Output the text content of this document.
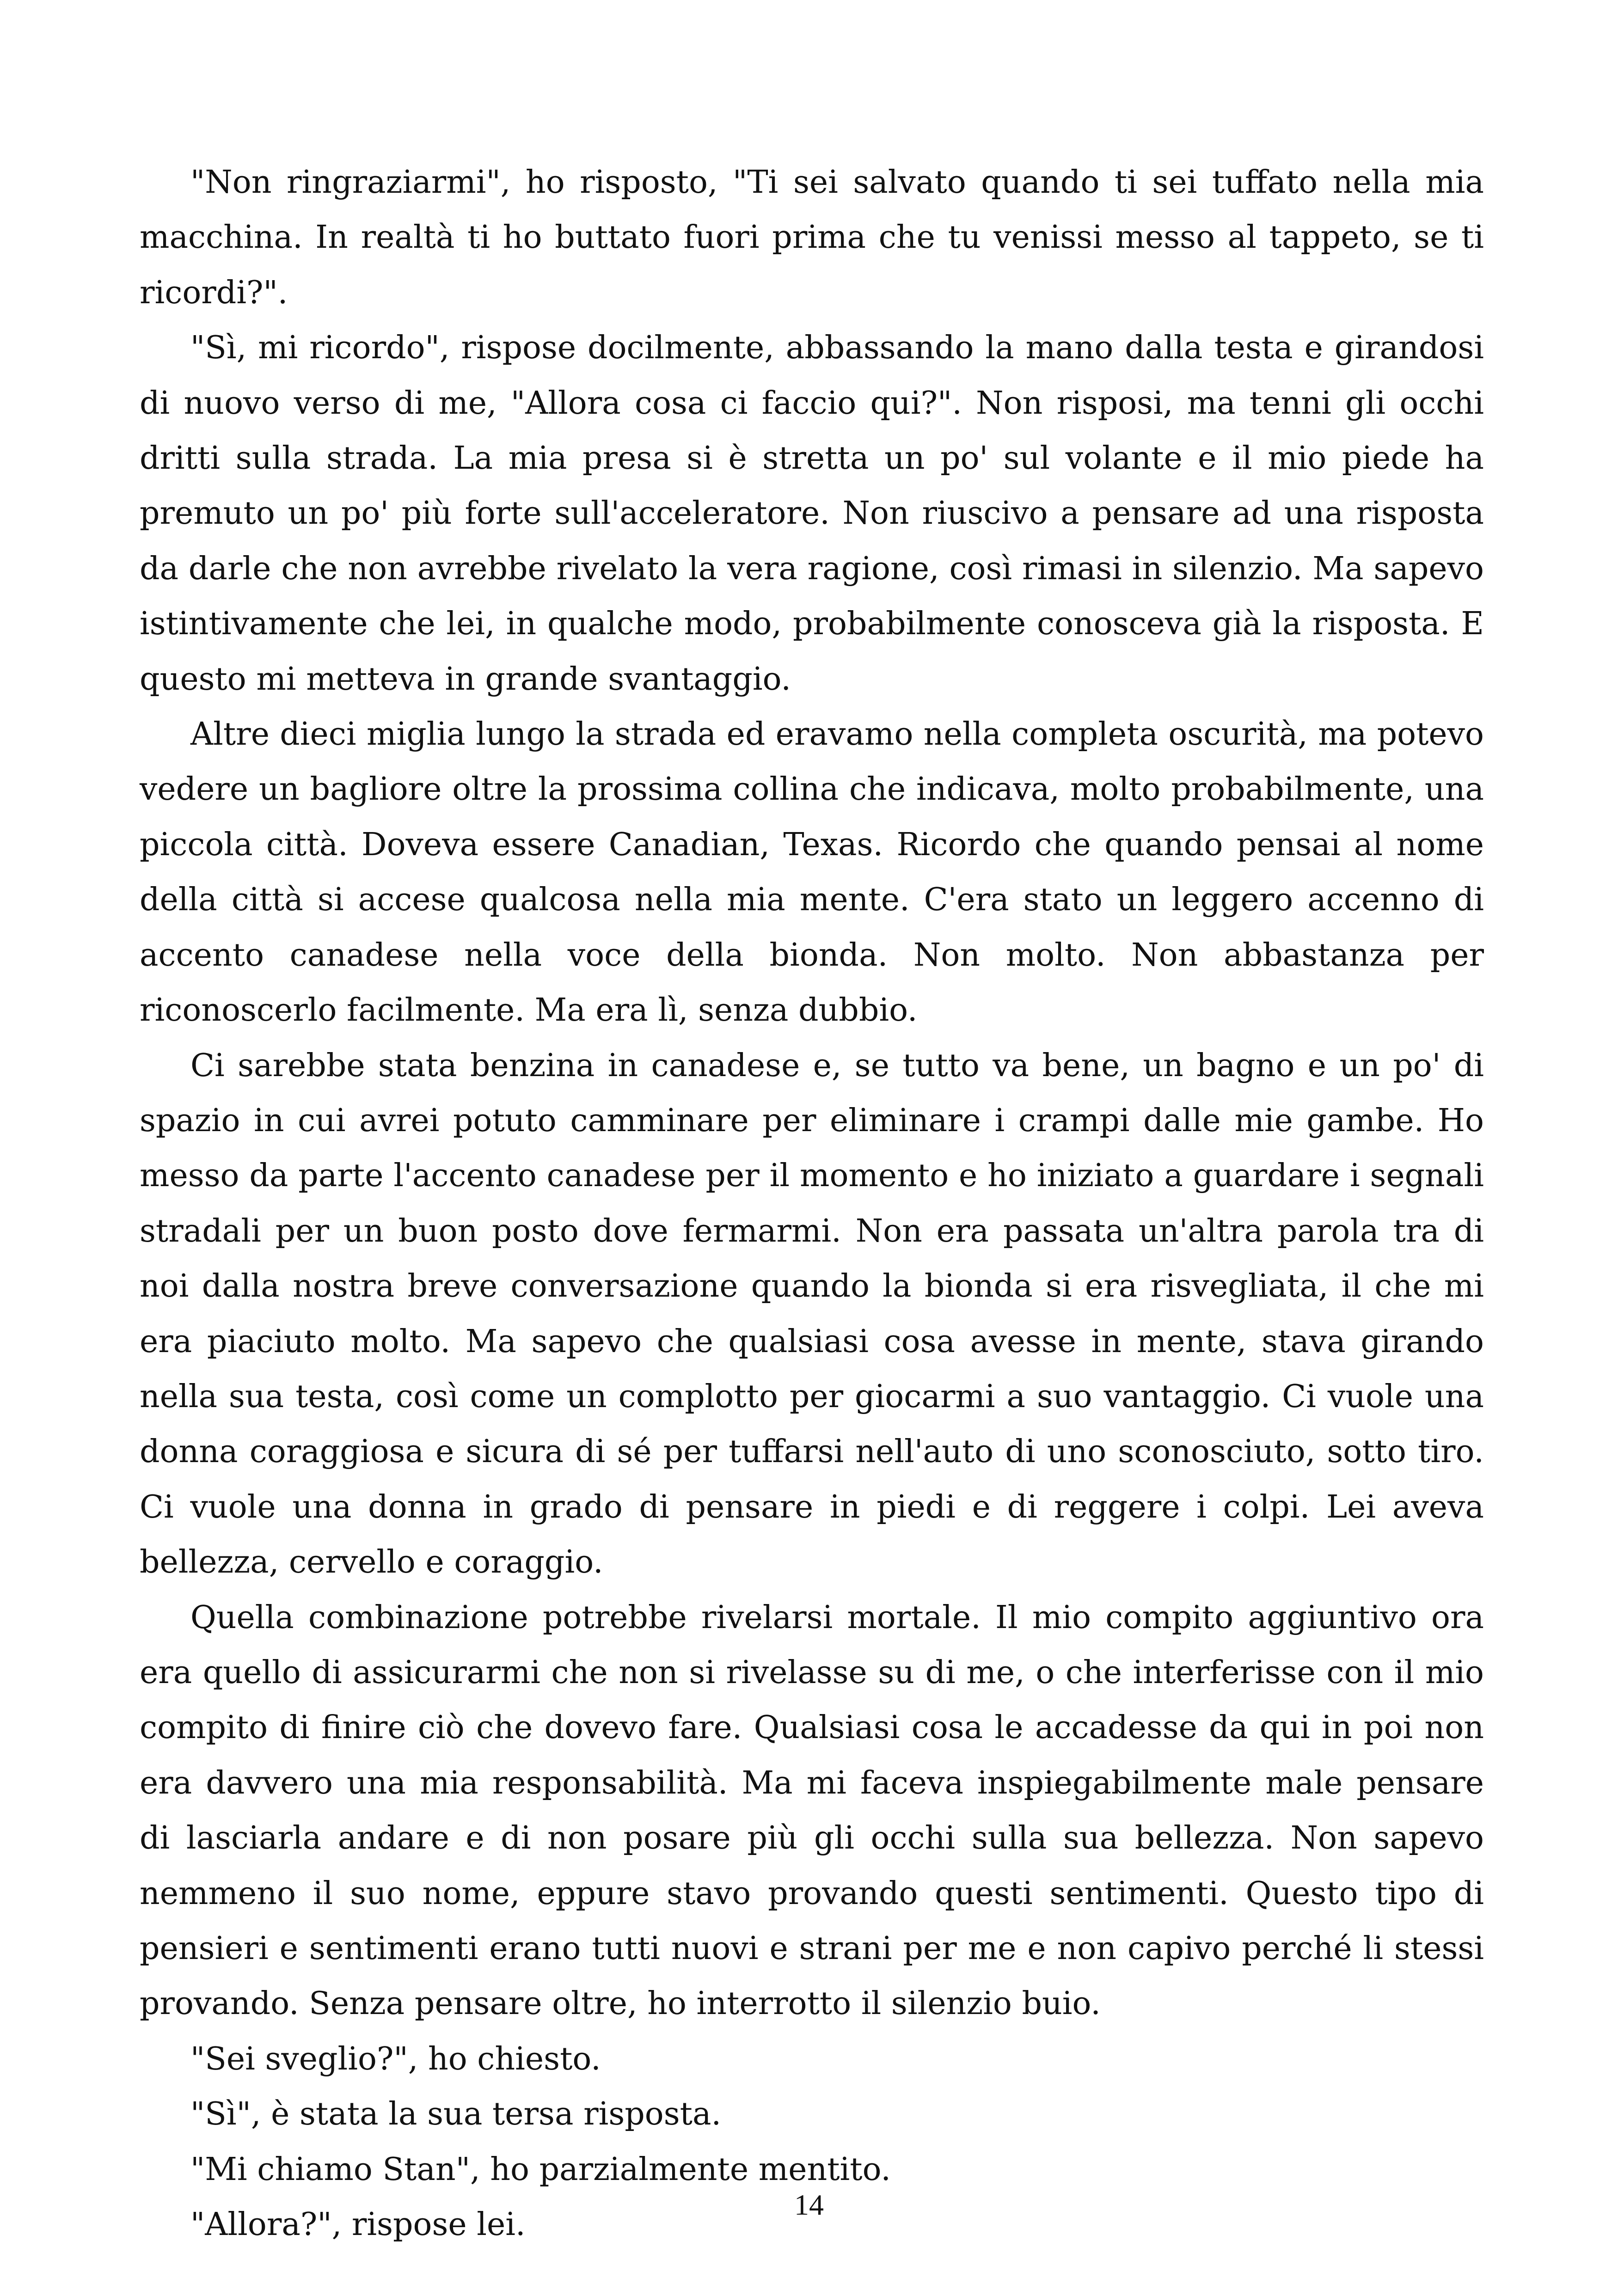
"Non ringraziarmi", ho risposto, "Ti sei salvato quando ti sei tuffato nella mia macchina. In realtà ti ho buttato fuori prima che tu venissi messo al tappeto, se ti ricordi?".

"Sì, mi ricordo", rispose docilmente, abbassando la mano dalla testa e girandosi di nuovo verso di me, "Allora cosa ci faccio qui?". Non risposi, ma tenni gli occhi dritti sulla strada. La mia presa si è stretta un po' sul volante e il mio piede ha premuto un po' più forte sull'acceleratore. Non riuscivo a pensare ad una risposta da darle che non avrebbe rivelato la vera ragione, così rimasi in silenzio. Ma sapevo istintivamente che lei, in qualche modo, probabilmente conosceva già la risposta. E questo mi metteva in grande svantaggio.

Altre dieci miglia lungo la strada ed eravamo nella completa oscurità, ma potevo vedere un bagliore oltre la prossima collina che indicava, molto probabilmente, una piccola città. Doveva essere Canadian, Texas. Ricordo che quando pensai al nome della città si accese qualcosa nella mia mente. C'era stato un leggero accenno di accento canadese nella voce della bionda. Non molto. Non abbastanza per riconoscerlo facilmente. Ma era lì, senza dubbio.

Ci sarebbe stata benzina in canadese e, se tutto va bene, un bagno e un po' di spazio in cui avrei potuto camminare per eliminare i crampi dalle mie gambe. Ho messo da parte l'accento canadese per il momento e ho iniziato a guardare i segnali stradali per un buon posto dove fermarmi. Non era passata un'altra parola tra di noi dalla nostra breve conversazione quando la bionda si era risvegliata, il che mi era piaciuto molto. Ma sapevo che qualsiasi cosa avesse in mente, stava girando nella sua testa, così come un complotto per giocarmi a suo vantaggio. Ci vuole una donna coraggiosa e sicura di sé per tuffarsi nell'auto di uno sconosciuto, sotto tiro. Ci vuole una donna in grado di pensare in piedi e di reggere i colpi. Lei aveva bellezza, cervello e coraggio.

Quella combinazione potrebbe rivelarsi mortale. Il mio compito aggiuntivo ora era quello di assicurarmi che non si rivelasse su di me, o che interferisse con il mio compito di finire ciò che dovevo fare. Qualsiasi cosa le accadesse da qui in poi non era davvero una mia responsabilità. Ma mi faceva inspiegabilmente male pensare di lasciarla andare e di non posare più gli occhi sulla sua bellezza. Non sapevo nemmeno il suo nome, eppure stavo provando questi sentimenti. Questo tipo di pensieri e sentimenti erano tutti nuovi e strani per me e non capivo perché li stessi provando. Senza pensare oltre, ho interrotto il silenzio buio.

"Sei sveglio?", ho chiesto.

"Sì", è stata la sua tersa risposta.

"Mi chiamo Stan", ho parzialmente mentito.

"Allora?", rispose lei.

14
